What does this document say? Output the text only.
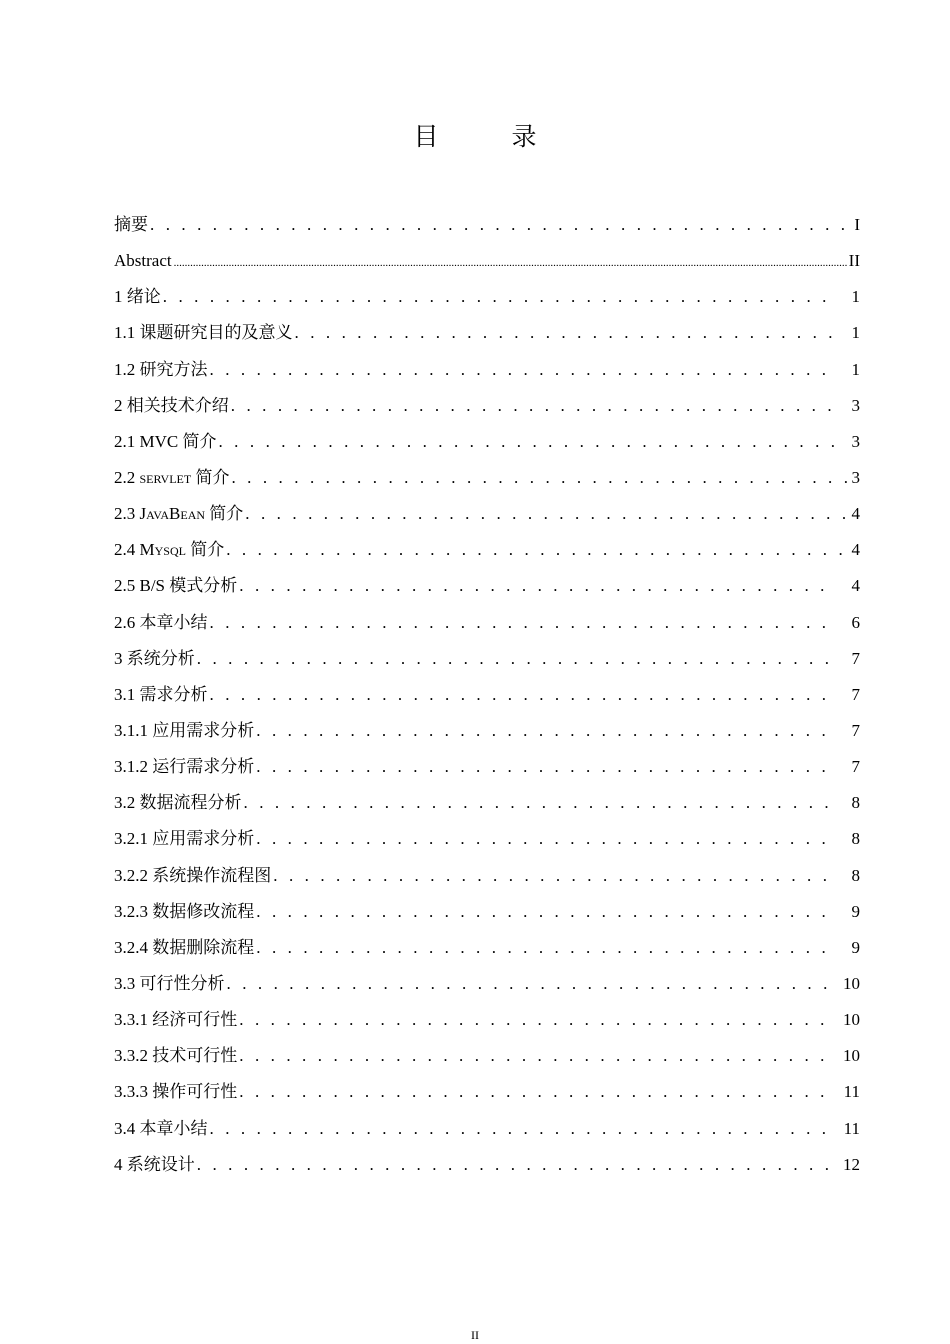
目　录
摘要 . . .	I
Abstract .....	II
1 绪论 . . .	1
1.1 课题研究目的及意义 . . .	1
1.2 研究方法 . . .	1
2 相关技术介绍 . . .	3
2.1 MVC 简介 . . .	3
2.2 servlet 简介 . . .	3
2.3 JavaBean 简介 . . .	4
2.4 Mysql 简介 . . .	4
2.5 B/S 模式分析 . . .	4
2.6 本章小结 . . .	6
3 系统分析 . . .	7
3.1 需求分析 . . .	7
3.1.1 应用需求分析 . . .	7
3.1.2 运行需求分析 . . .	7
3.2 数据流程分析 . . .	8
3.2.1 应用需求分析 . . .	8
3.2.2 系统操作流程图 . . .	8
3.2.3 数据修改流程 . . .	9
3.2.4 数据删除流程 . . .	9
3.3 可行性分析 . . .	10
3.3.1 经济可行性 . . .	10
3.3.2 技术可行性 . . .	10
3.3.3 操作可行性 . . .	11
3.4 本章小结 . . .	11
4 系统设计 . . .	12
II
